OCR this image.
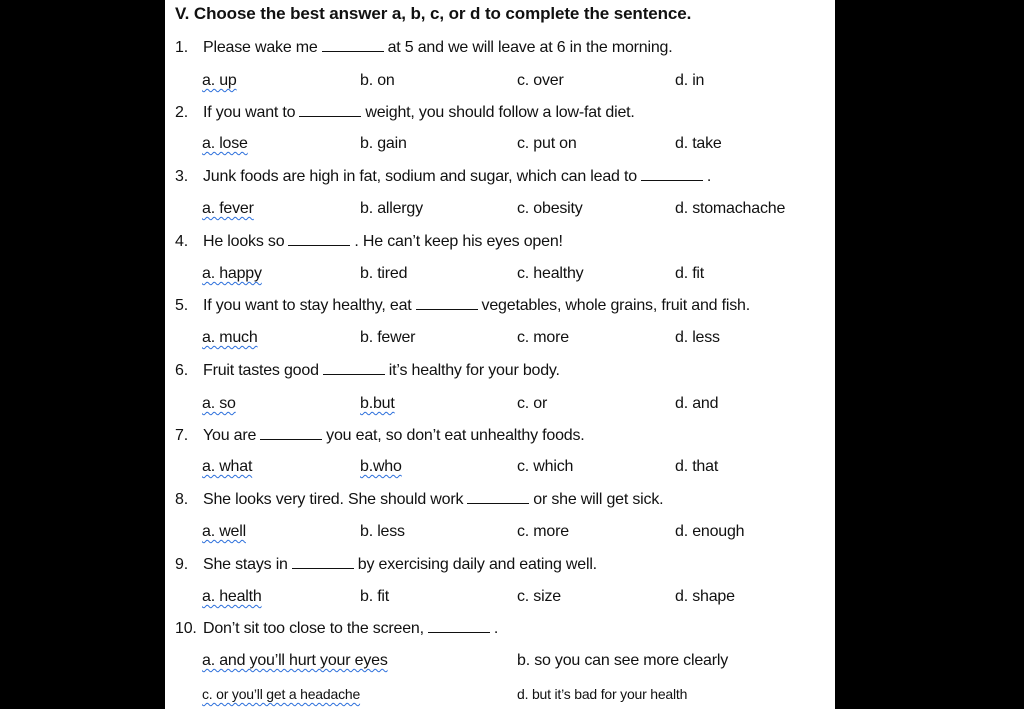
V. Choose the best answer a, b, c, or d to complete the sentence.
1. Please wake me	at 5 and we will leave at 6 in the morning.
a. up	b. on	c. over	d. in
2. If you want to	weight, you should follow a low-fat diet.
a. lose	b. gain	c. put on	d. take
3. Junk foods are high in fat, sodium and sugar, which can lead to	.
a. fever	b. allergy	c. obesity	d. stomachache
4. He looks so	. He can’t keep his eyes open!
a. happy	b. tired	c. healthy	d. fit
5. If you want to stay healthy, eat	vegetables, whole grains, fruit and fish.
a. much	b. fewer	c. more	d. less
6. Fruit tastes good	it’s healthy for your body.
a. so	b.but	c. or	d. and
7. You are	you eat, so don’t eat unhealthy foods.
a. what	b.who	c. which	d. that
8. She looks very tired. She should work	or she will get sick.
a. well	b. less	c. more	d. enough
9. She stays in	by exercising daily and eating well.
a. health	b. fit	c. size	d. shape
10. Don’t sit too close to the screen,	.
a. and you’ll hurt your eyes	b. so you can see more clearly
c. or you’ll get a headache	d. but it’s bad for your health
